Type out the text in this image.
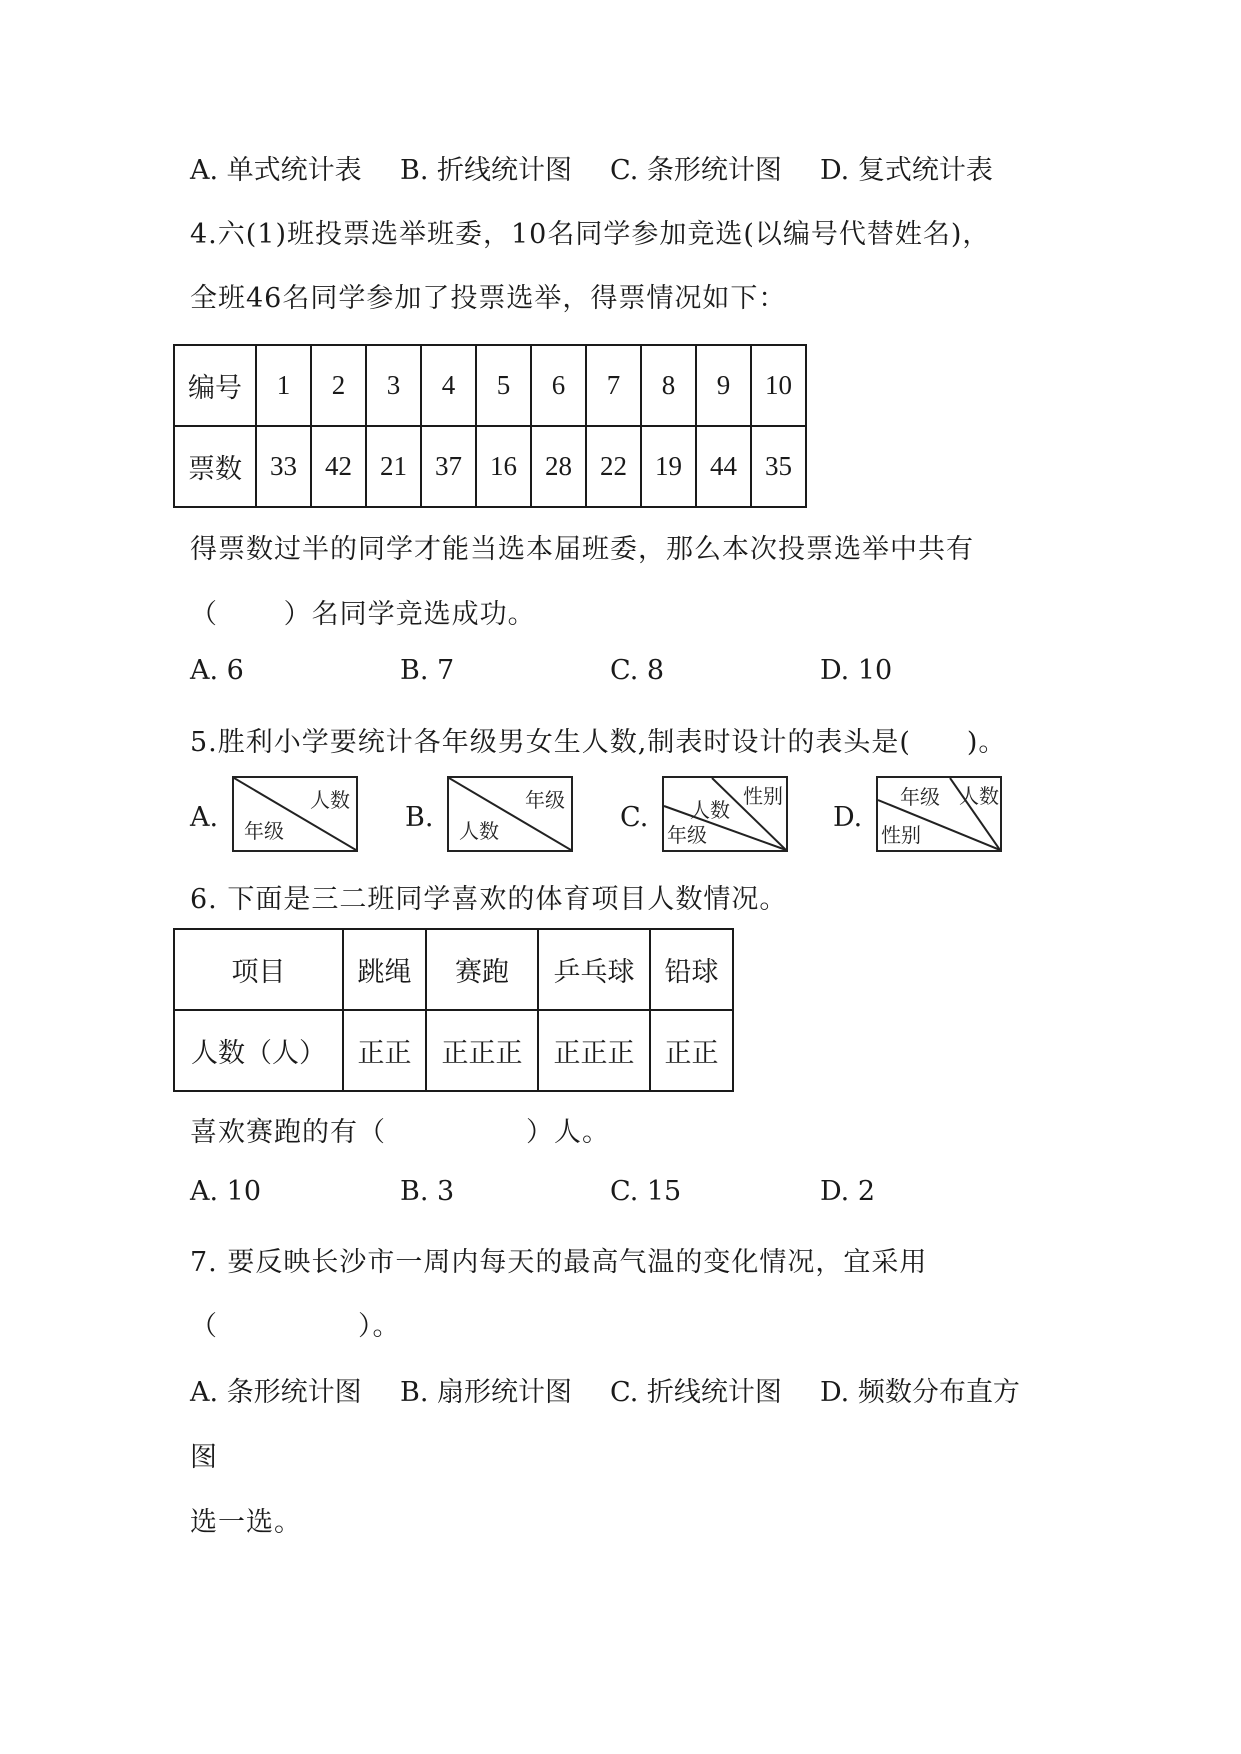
A. 单式统计表 B. 折线统计图 C. 条形统计图 D. 复式统计表
4.六(1)班投票选举班委，10名同学参加竞选(以编号代替姓名)，
全班46名同学参加了投票选举，得票情况如下：
编号	1	2	3	4	5	6	7	8	9	10
票数	33	42	21	37	16	28	22	19	44	35
得票数过半的同学才能当选本届班委，那么本次投票选举中共有
（　　 ）名同学竞选成功。
A. 6	B. 7	C. 8	D. 10
5.胜利小学要统计各年级男女生人数,制表时设计的表头是(　　)。
A.
人数
年级	B.
年级
人数	C.
性别
人数
年级
D.
年级 人数
性别
6. 下面是三二班同学喜欢的体育项目人数情况。
项目	跳绳	赛跑	乒乓球	铅球
人数（人）	正正	正正正	正正正	正正
喜欢赛跑的有（　　　　　）人。
A. 10	B. 3	C. 15	D. 2
7. 要反映长沙市一周内每天的最高气温的变化情况，宜采用
（　　　　　）。
A. 条形统计图 B. 扇形统计图 C. 折线统计图 D. 频数分布直方
图
选一选。
